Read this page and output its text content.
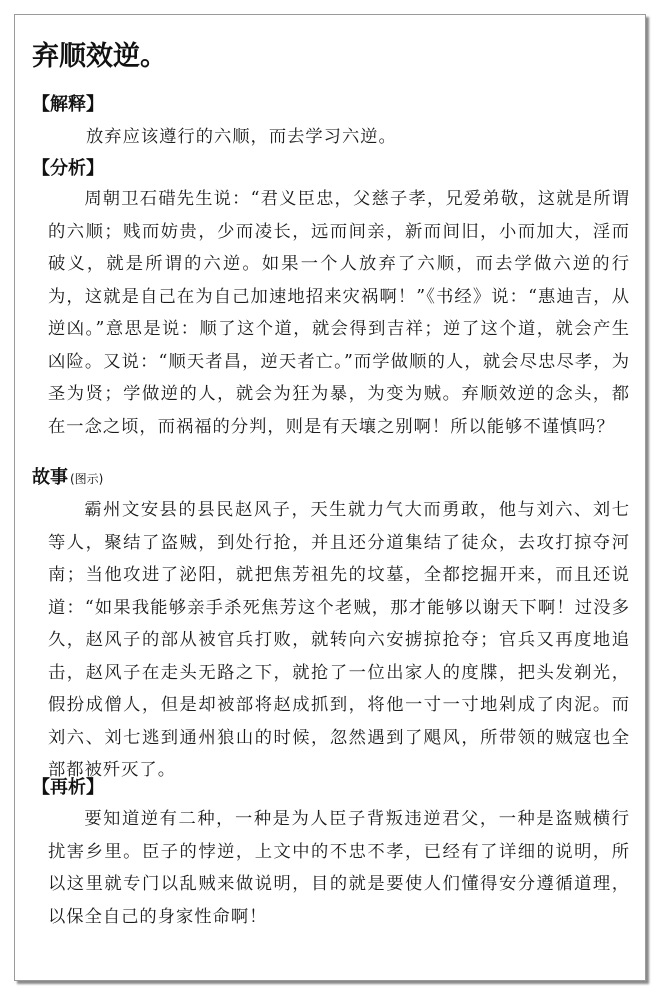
弃顺效逆。
【解释】

放弃应该遵行的六顺，而去学习六逆。

【分析】

周朝卫石碏先生说：“君义臣忠，父慈子孝，兄爱弟敬，这就是所谓的六顺；贱而妨贵，少而凌长，远而间亲，新而间旧，小而加大，淫而破义，就是所谓的六逆。如果一个人放弃了六顺，而去学做六逆的行为，这就是自己在为自己加速地招来灾祸啊！”《书经》说：“惠迪吉，从逆凶。”意思是说：顺了这个道，就会得到吉祥；逆了这个道，就会产生凶险。又说：“顺天者昌，逆天者亡。”而学做顺的人，就会尽忠尽孝，为圣为贤；学做逆的人，就会为狂为暴，为变为贼。弃顺效逆的念头，都在一念之顷，而祸福的分判，则是有天壤之别啊！所以能够不谨慎吗？

故事 (图示)

霸州文安县的县民赵风子，天生就力气大而勇敢，他与刘六、刘七等人，聚结了盗贼，到处行抢，并且还分道集结了徒众，去攻打掠夺河南；当他攻进了泌阳，就把焦芳祖先的坟墓，全都挖掘开来，而且还说道：“如果我能够亲手杀死焦芳这个老贼，那才能够以谢天下啊！过没多久，赵风子的部从被官兵打败，就转向六安掳掠抢夺；官兵又再度地追击，赵风子在走头无路之下，就抢了一位出家人的度牒，把头发剃光，假扮成僧人，但是却被部将赵成抓到，将他一寸一寸地剁成了肉泥。而刘六、刘七逃到通州狼山的时候，忽然遇到了飓风，所带领的贼寇也全部都被歼灭了。

【再析】

要知道逆有二种，一种是为人臣子背叛违逆君父，一种是盗贼横行扰害乡里。臣子的悖逆，上文中的不忠不孝，已经有了详细的说明，所以这里就专门以乱贼来做说明，目的就是要使人们懂得安分遵循道理，以保全自己的身家性命啊！
